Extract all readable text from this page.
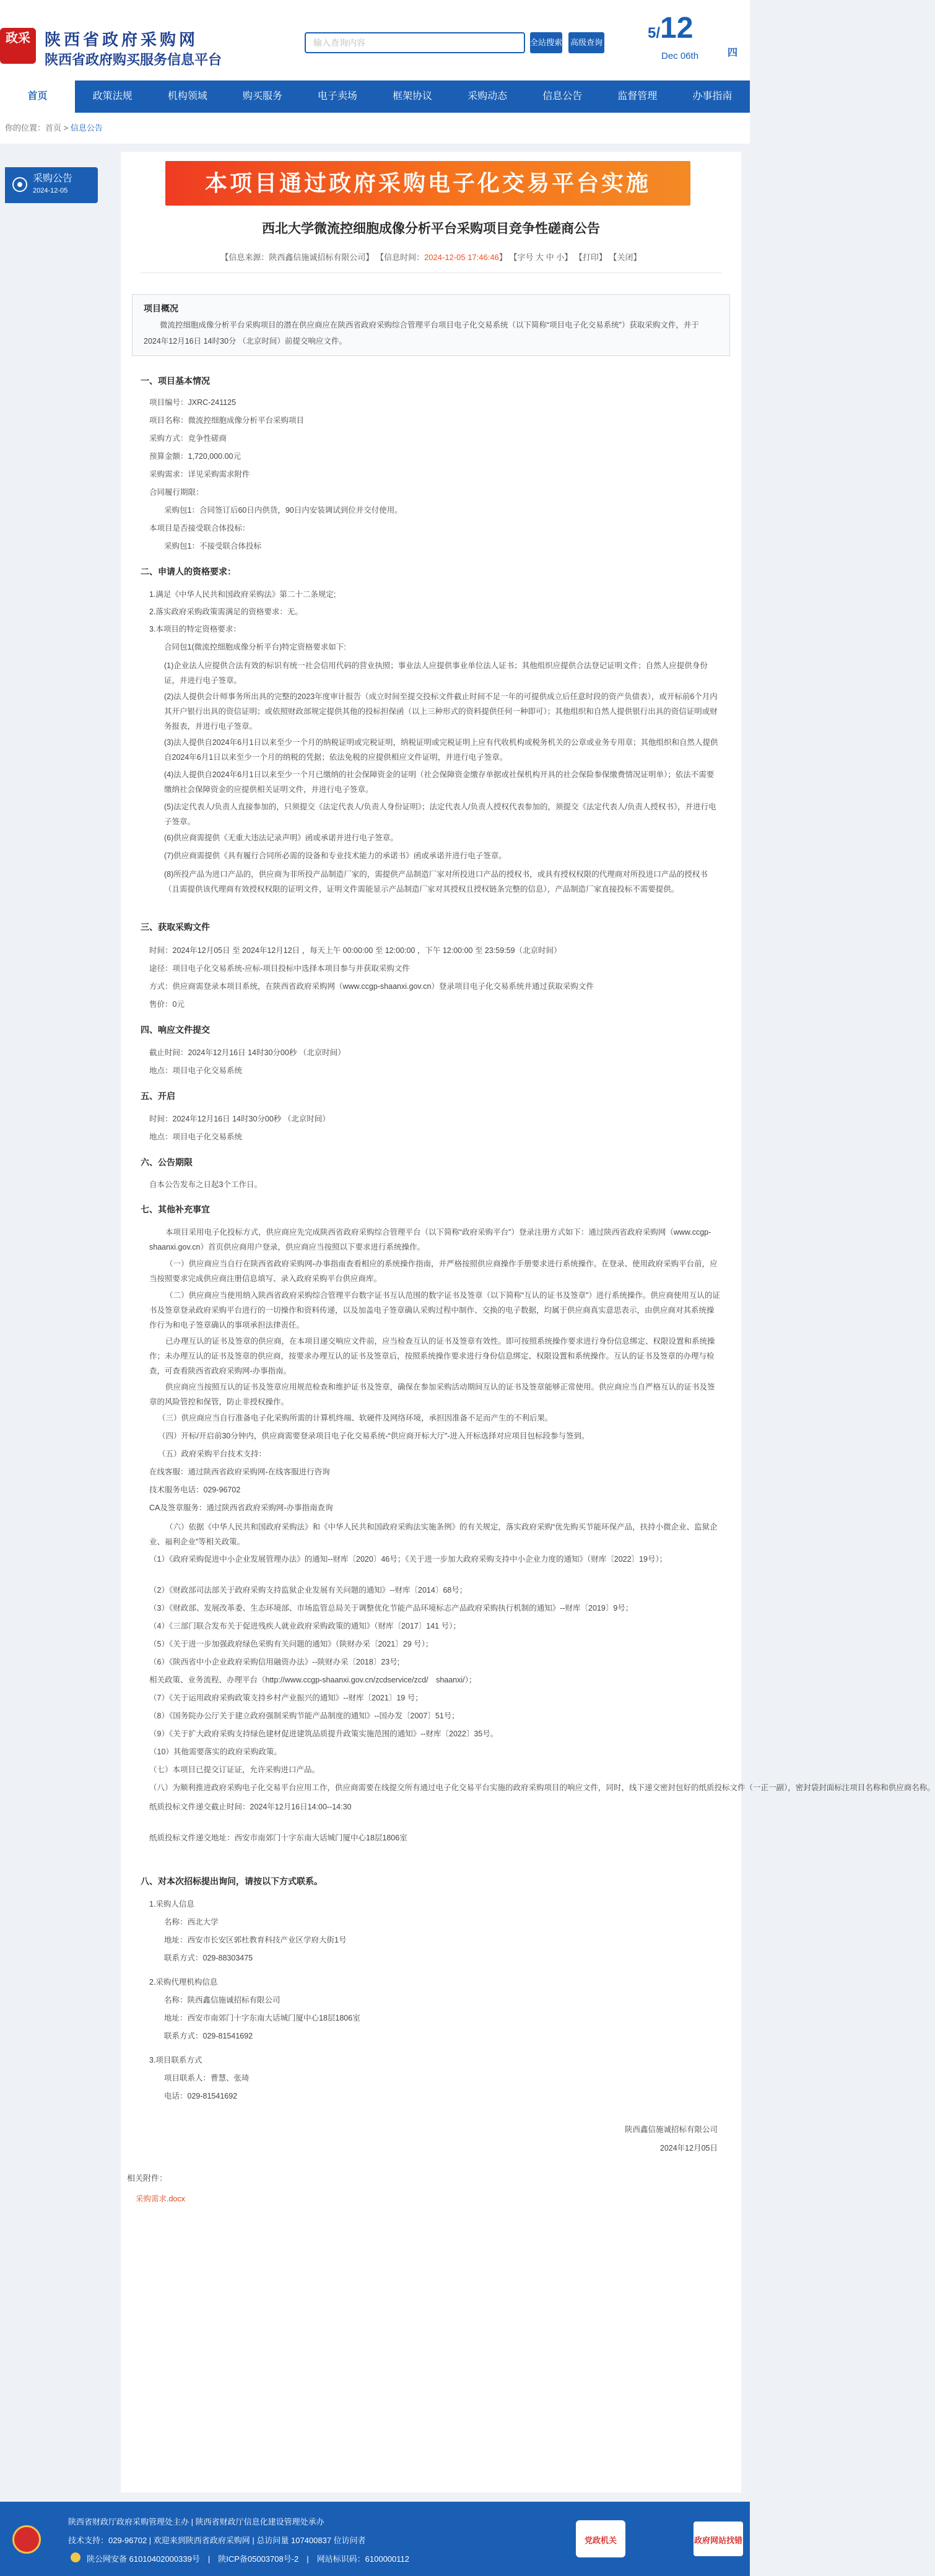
政采 陕西省政府采购网
陕西省政府购买服务信息平台
输入查询内容
全站搜索 高级查询
5/12
Dec 06th	四
首页	政策法规	机构领域	购买服务	电子卖场	框架协议	采购动态	信息公告	监督管理	办事指南
你的位置：首页 > 信息公告
采购公告
2024-12-05	本项目通过政府采购电子化交易平台实施
西北大学微流控细胞成像分析平台采购项目竞争性磋商公告
【信息来源：陕西鑫信施诚招标有限公司】 【信息时间：2024-12-05 17:46:46】 【字号 大 中 小】 【打印】 【关闭】
项目概况
微流控细胞成像分析平台采购项目的潜在供应商应在陕西省政府采购综合管理平台项目电子化交易系统（以下简称“项目电子化交易系统”）获取采购文件，并于 2024年12月16日 14时30分 （北京时间）前提交响应文件。
一、项目基本情况
项目编号：JXRC-241125
项目名称：微流控细胞成像分析平台采购项目
采购方式：竞争性磋商
预算金额：1,720,000.00元
采购需求：详见采购需求附件
合同履行期限：
采购包1：合同签订后60日内供货，90日内安装调试到位并交付使用。
本项目是否接受联合体投标：
采购包1：不接受联合体投标
二、申请人的资格要求：
1.满足《中华人民共和国政府采购法》第二十二条规定;
2.落实政府采购政策需满足的资格要求：无。
3.本项目的特定资格要求：
合同包1(微流控细胞成像分析平台)特定资格要求如下:
(1)企业法人应提供合法有效的标识有统一社会信用代码的营业执照；事业法人应提供事业单位法人证书；其他组织应提供合法登记证明文件；自然人应提供身份证，并进行电子签章。
(2)法人提供会计师事务所出具的完整的2023年度审计报告（成立时间至提交投标文件截止时间不足一年的可提供成立后任意时段的资产负债表），或开标前6个月内其开户银行出具的资信证明；或依照财政部规定提供其他的投标担保函（以上三种形式的资料提供任何一种即可）；其他组织和自然人提供银行出具的资信证明或财务报表，并进行电子签章。
(3)法人提供自2024年6月1日以来至少一个月的纳税证明或完税证明，纳税证明或完税证明上应有代收机构或税务机关的公章或业务专用章；其他组织和自然人提供自2024年6月1日以来至少一个月的纳税的凭据；依法免税的应提供相应文件证明，并进行电子签章。
(4)法人提供自2024年6月1日以来至少一个月已缴纳的社会保障资金的证明（社会保障资金缴存单据或社保机构开具的社会保险参保缴费情况证明单）；依法不需要缴纳社会保障资金的应提供相关证明文件，并进行电子签章。
(5)法定代表人/负责人直接参加的，只须提交《法定代表人/负责人身份证明》；法定代表人/负责人授权代表参加的，须提交《法定代表人/负责人授权书》，并进行电子签章。
(6)供应商需提供《无重大违法记录声明》函或承诺并进行电子签章。
(7)供应商需提供《具有履行合同所必需的设备和专业技术能力的承诺书》函或承诺并进行电子签章。
(8)所投产品为进口产品的，供应商为非所投产品制造厂家的，需提供产品制造厂家对所投进口产品的授权书，或具有授权权限的代理商对所投进口产品的授权书（且需提供该代理商有效授权权限的证明文件，证明文件需能显示产品制造厂家对其授权且授权链条完整的信息），产品制造厂家直接投标不需要提供。
三、获取采购文件
时间：2024年12月05日 至 2024年12月12日 ，每天上午 00:00:00 至 12:00:00 ，下午 12:00:00 至 23:59:59（北京时间）
途径：项目电子化交易系统-应标-项目投标中选择本项目参与并获取采购文件
方式：供应商需登录本项目系统，在陕西省政府采购网（www.ccgp-shaanxi.gov.cn）登录项目电子化交易系统并通过获取采购文件
售价：0元
四、响应文件提交
截止时间：2024年12月16日 14时30分00秒 （北京时间）
地点：项目电子化交易系统
五、开启
时间：2024年12月16日 14时30分00秒 （北京时间）
地点：项目电子化交易系统
六、公告期限
自本公告发布之日起3个工作日。
七、其他补充事宜
本项目采用电子化投标方式，供应商应先完成陕西省政府采购综合管理平台（以下简称“政府采购平台”）登录注册方式如下：通过陕西省政府采购网（www.ccgp-shaanxi.gov.cn）首页供应商用户登录，供应商应当按照以下要求进行系统操作。
（一）供应商应当自行在陕西省政府采购网-办事指南查看相应的系统操作指南，并严格按照供应商操作手册要求进行系统操作。在登录、使用政府采购平台前，应当按照要求完成供应商注册信息填写、录入政府采购平台供应商库。
（二）供应商应当使用纳入陕西省政府采购综合管理平台数字证书互认范围的数字证书及签章（以下简称“互认的证书及签章”）进行系统操作。供应商使用互认的证书及签章登录政府采购平台进行的一切操作和资料传递，以及加盖电子签章确认采购过程中制作、交换的电子数据，均属于供应商真实意思表示，由供应商对其系统操作行为和电子签章确认的事项承担法律责任。
已办理互认的证书及签章的供应商，在本项目递交响应文件前，应当检查互认的证书及签章有效性。即可按照系统操作要求进行身份信息绑定、权限设置和系统操作；未办理互认的证书及签章的供应商，按要求办理互认的证书及签章后，按照系统操作要求进行身份信息绑定、权限设置和系统操作。互认的证书及签章的办理与检查，可查看陕西省政府采购网-办事指南。
供应商应当按照互认的证书及签章应用规范检查和维护证书及签章，确保在参加采购活动期间互认的证书及签章能够正常使用。供应商应当自严格互认的证书及签章的风险管控和保管，防止非授权操作。
（三）供应商应当自行准备电子化采购所需的计算机终端、软硬件及网络环境，承担因准备不足而产生的不利后果。
（四）开标/开启前30分钟内，供应商需要登录项目电子化交易系统-“供应商开标大厅”-进入开标选择对应项目包标段参与签到。
（五）政府采购平台技术支持：
在线客服：通过陕西省政府采购网-在线客服进行咨询
技术服务电话：029-96702
CA及签章服务：通过陕西省政府采购网-办事指南查询
（六）依据《中华人民共和国政府采购法》和《中华人民共和国政府采购法实施条例》的有关规定，落实政府采购“优先购买节能环保产品，扶持小微企业、监狱企业、福利企业”等相关政策。
（1）《政府采购促进中小企业发展管理办法》的通知--财库〔2020〕46号；《关于进一步加大政府采购支持中小企业力度的通知》（财库〔2022〕19号）；
（2）《财政部司法部关于政府采购支持监狱企业发展有关问题的通知》--财库〔2014〕68号；
（3）《财政部、发展改革委、生态环境部、市场监管总局关于调整优化节能产品环境标志产品政府采购执行机制的通知》--财库〔2019〕9号；
（4）《三部门联合发布关于促进残疾人就业政府采购政策的通知》（财库〔2017〕141 号）；
（5）《关于进一步加强政府绿色采购有关问题的通知》（陕财办采〔2021〕29 号）；
（6）《陕西省中小企业政府采购信用融资办法》--陕财办采〔2018〕23号;
相关政策、业务流程、办理平台（http://www.ccgp-shaanxi.gov.cn/zcdservice/zcd/　shaanxi/）；
（7）《关于运用政府采购政策支持乡村产业振兴的通知》--财库〔2021〕19 号；
（8）《国务院办公厅关于建立政府强制采购节能产品制度的通知》--国办发〔2007〕51号；
（9）《关于扩大政府采购支持绿色建材促进建筑品质提升政策实施范围的通知》--财库〔2022〕35号。
（10）其他需要落实的政府采购政策。
（七）本项目已提交订证证，允许采购进口产品。
（八）为顺利推进政府采购电子化交易平台应用工作，供应商需要在线提交所有通过电子化交易平台实施的政府采购项目的响应文件，同时，线下递交密封包好的纸质投标文件（一正一副），密封袋封面标注项目名称和供应商名称。
纸质投标文件递交截止时间：2024年12月16日14:00--14:30
纸质投标文件递交地址：西安市南郊门十字东南大话城门厦中心18层1806室
八、对本次招标提出询问，请按以下方式联系。
1.采购人信息
名称：西北大学
地址：西安市长安区郭杜教育科技产业区学府大街1号
联系方式：029-88303475
2.采购代理机构信息
名称：陕西鑫信施诚招标有限公司
地址：西安市南郊门十字东南大话城门厦中心18层1806室
联系方式：029-81541692
3.项目联系方式
项目联系人：曹慧、张琦
电话：029-81541692
陕西鑫信施诚招标有限公司
2024年12月05日
相关附件：
采购需求.docx
陕西省财政厅政府采购管理处主办 | 陕西省财政厅信息化建设管理处承办
技术支持：029-96702 | 欢迎来到陕西省政府采购网 | 总访问量 107400837 位访问者
陕公网安备 61010402000339号　|　陕ICP备05003708号-2　|　网站标识码：6100000112
党政机关	政府网站找错
